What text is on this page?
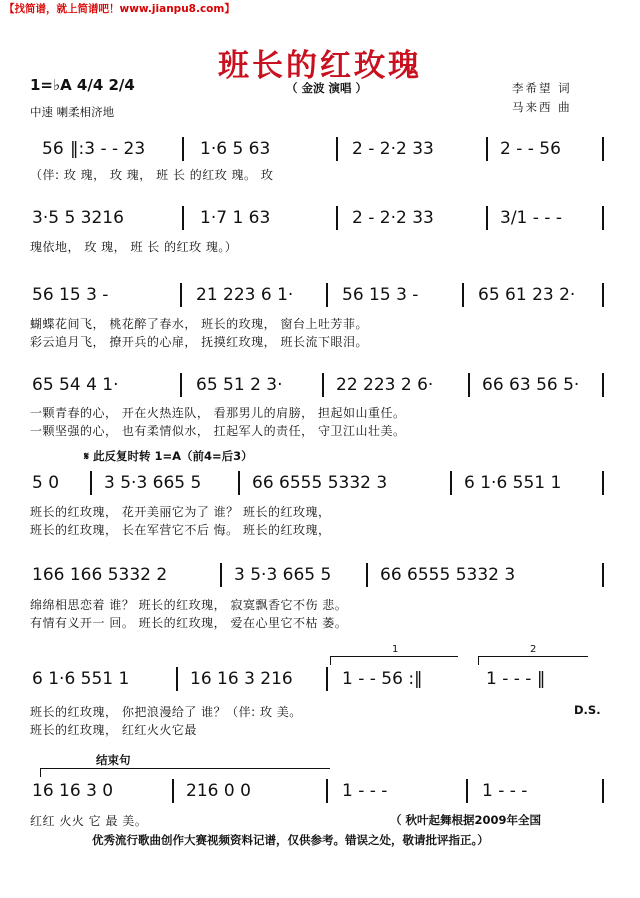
【找简谱，就上简谱吧！www.jianpu8.com】
班长的红玫瑰
1=♭A 4/4 2/4
中速 喇柔相济地
（ 金波 演唱 ）	李希望 词
马来西 曲
56 ‖:3 - - 23	1·6 5 63	2 - 2·2 33	2 - - 56
（伴: 玫 瑰， 玫 瑰， 班 长 的红玫 瑰。 玫
3·5 5 3216	1·7 1 63	2 - 2·2 33	3/1 - - -
瑰依地， 玫 瑰， 班 长 的红玫 瑰。）
56 15 3 -	21 223 6 1·	56 15 3 -	65 61 23 2·
蝴蝶花间飞， 桃花醉了春水， 班长的玫瑰， 窗台上吐芳菲。
彩云追月飞， 撩开兵的心扉， 抚摸红玫瑰， 班长流下眼泪。
65 54 4 1·	65 51 2 3·	22 223 2 6·	66 63 56 5·
一颗青春的心， 开在火热连队， 看那男儿的肩膀， 担起如山重任。
一颗坚强的心， 也有柔情似水， 扛起军人的责任， 守卫江山壮美。
𝄋 此反复时转 1=A（前4=后3）
5 0	3 5·3 665 5	66 6555 5332 3	6 1·6 551 1
班长的红玫瑰， 花开美丽它为了 谁？ 班长的红玫瑰，
班长的红玫瑰， 长在军营它不后 悔。 班长的红玫瑰，
166 166 5332 2	3 5·3 665 5	66 6555 5332 3
绵绵相思恋着 谁？ 班长的红玫瑰， 寂寞飘香它不伤 悲。
有情有义开一 回。 班长的红玫瑰， 爱在心里它不枯 萎。
1	2
6 1·6 551 1	16 16 3 216	1 - - 56 :‖	1 - - - ‖
班长的红玫瑰， 你把浪漫给了 谁？（伴: 玫 美。
班长的红玫瑰， 红红火火它最
D.S.
结束句
16 16 3 0	216 0 0	1 - - -	1 - - -
红红 火火 它 最 美。	（ 秋叶起舞根据2009年全国
优秀流行歌曲创作大赛视频资料记谱，仅供参考。错误之处，敬请批评指正。）
